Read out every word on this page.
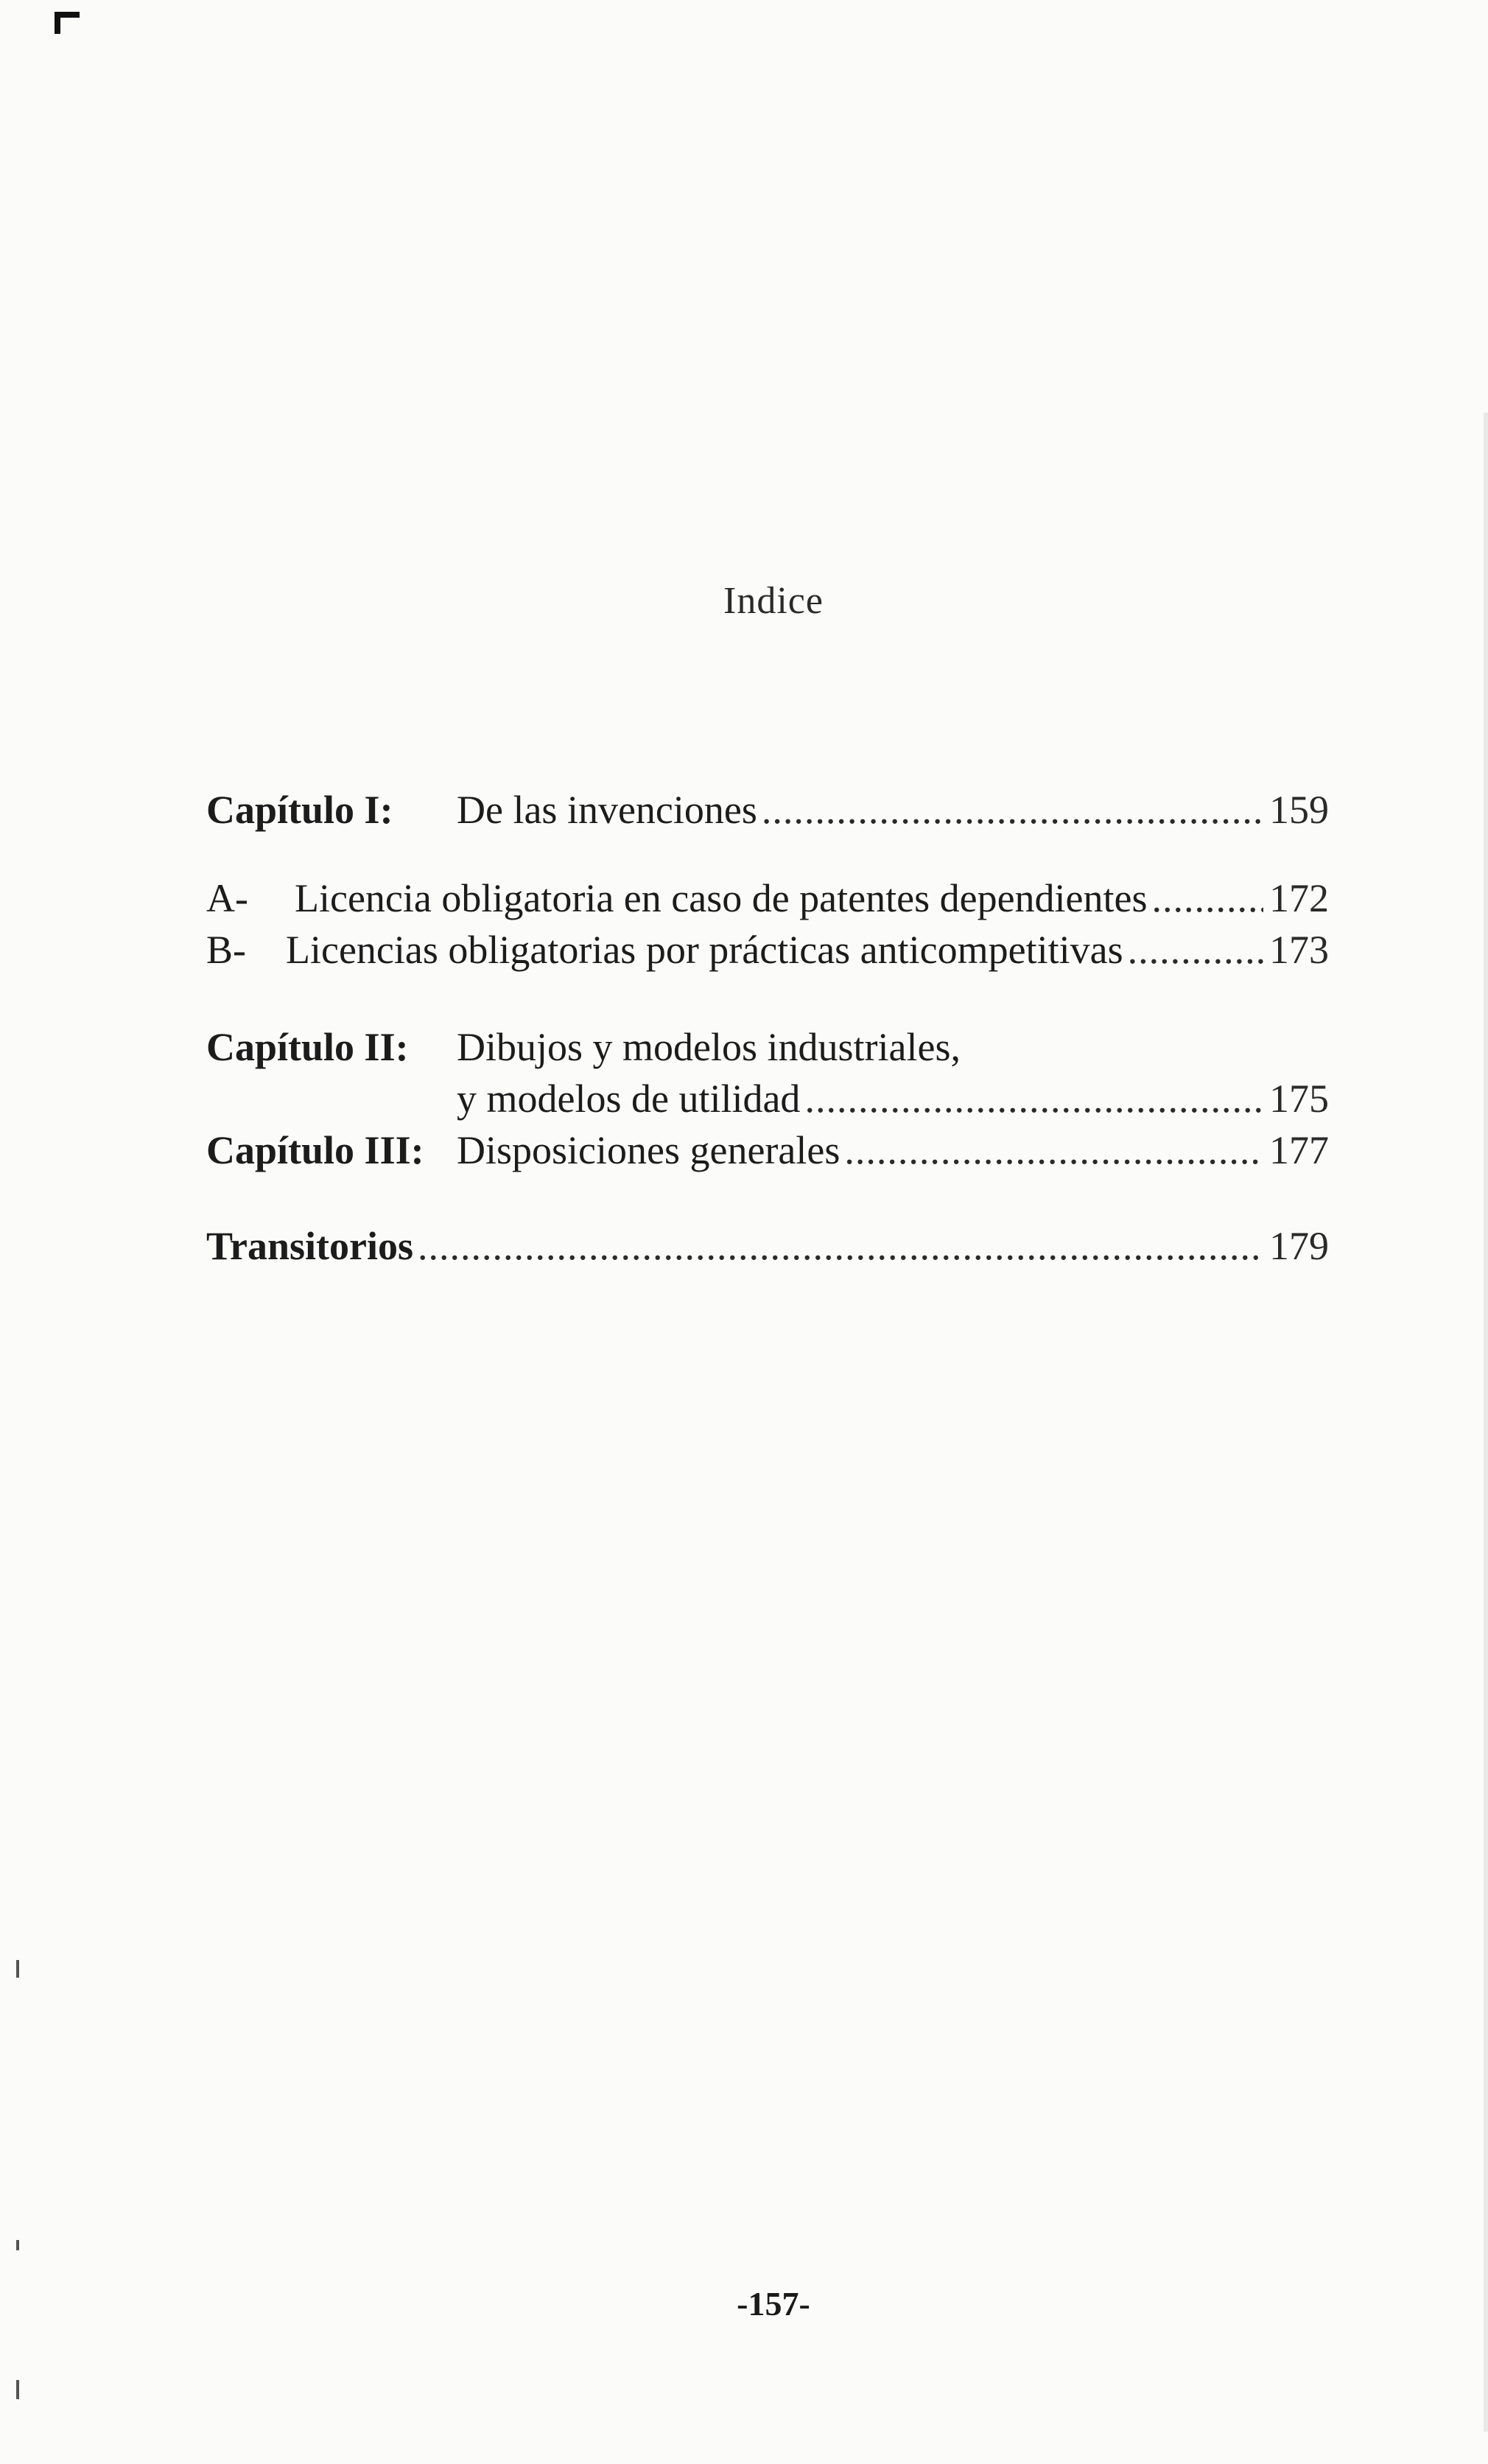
Indice
Capítulo I:	De las invenciones .....	159
A-	Licencia obligatoria en caso de patentes dependientes .....	172
B-	Licencias obligatorias por prácticas anticompetitivas .....	173
Capítulo II:	Dibujos y modelos industriales,
y modelos de utilidad .....	175
Capítulo III: Disposiciones generales .....	177
Transitorios .....	179
-157-
